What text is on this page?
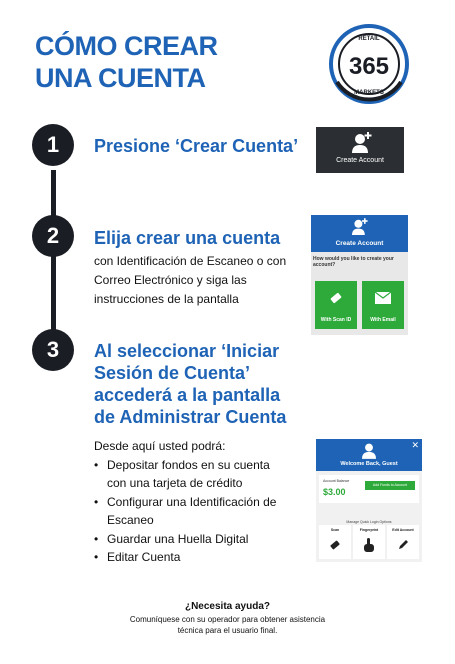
CÓMO CREAR
UNA CUENTA	365
RETAIL
MARKETS
1
2
3
Presione ‘Crear Cuenta’
Elija crear una cuenta
con Identificación de Escaneo o con Correo Electrónico y siga las instrucciones de la pantalla
Al seleccionar ‘Iniciar Sesión de Cuenta’ accederá a la pantalla de Administrar Cuenta
Desde aquí usted podrá:
• Depositar fondos en su cuenta con una tarjeta de crédito
• Configurar una Identificación de Escaneo
• Guardar una Huella Digital
• Editar Cuenta
Create Account
Create Account
How would you like to create your account?
With Scan ID	With Email
✕
Welcome Back, Guest
Account Balance
$3.00
Add Funds to Account
Manage Quick Login Options
Scan	Fingerprint	Edit Account
¿Necesita ayuda?
Comuníquese con su operador para obtener asistencia
técnica para el usuario final.
